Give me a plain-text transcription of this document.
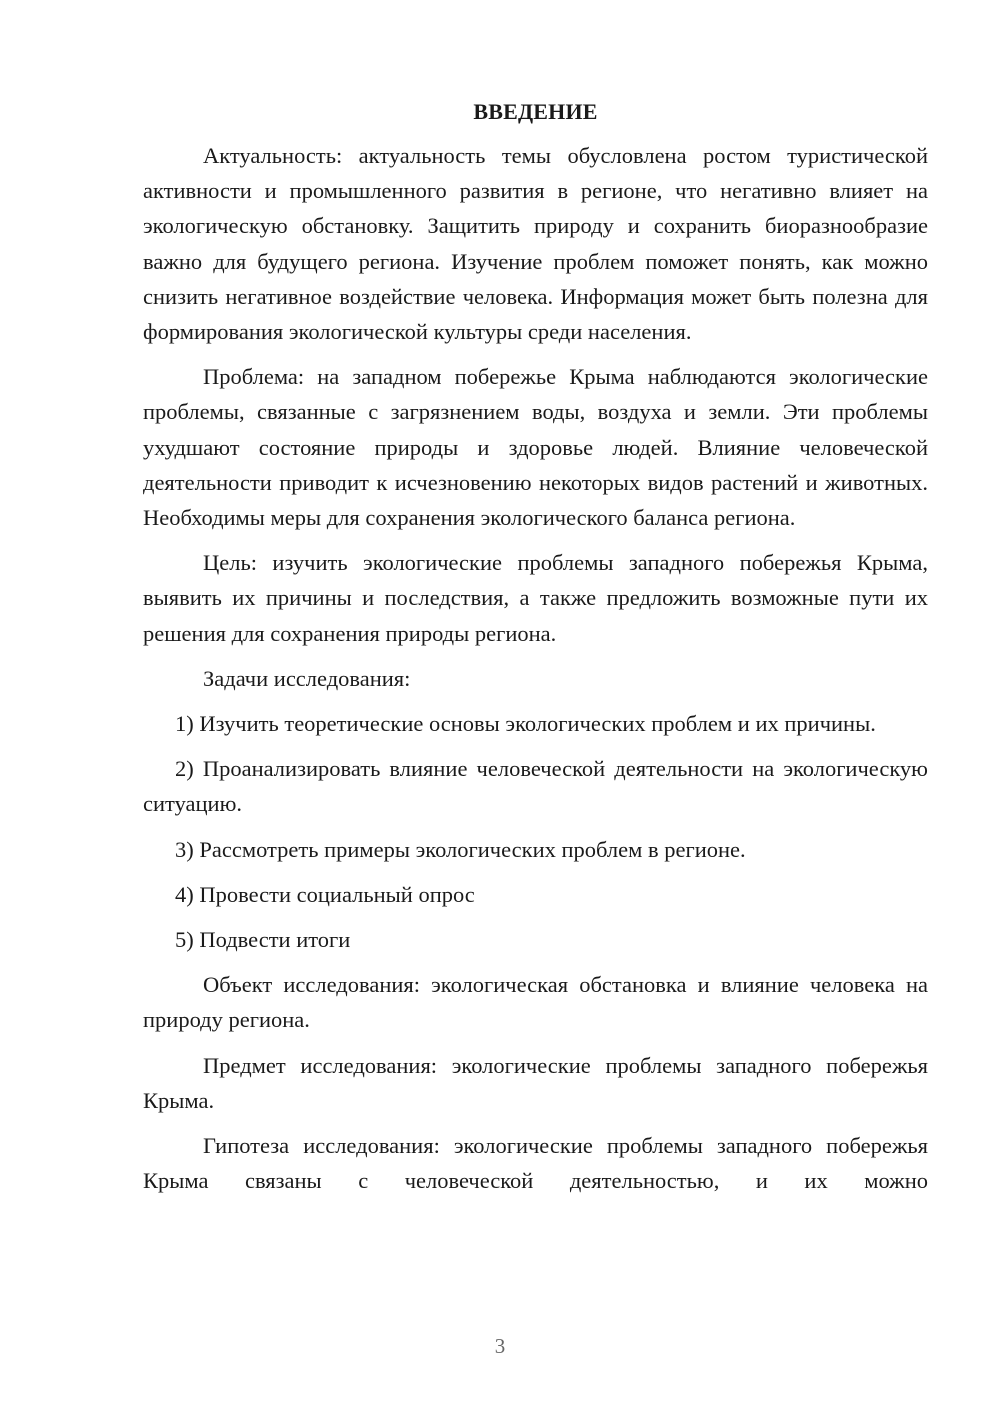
ВВЕДЕНИЕ

Актуальность: актуальность темы обусловлена ростом туристической активности и промышленного развития в регионе, что негативно влияет на экологическую обстановку. Защитить природу и сохранить биоразнообразие важно для будущего региона. Изучение проблем поможет понять, как можно снизить негативное воздействие человека. Информация может быть полезна для формирования экологической культуры среди населения.

Проблема: на западном побережье Крыма наблюдаются экологические проблемы, связанные с загрязнением воды, воздуха и земли. Эти проблемы ухудшают состояние природы и здоровье людей. Влияние человеческой деятельности приводит к исчезновению некоторых видов растений и животных. Необходимы меры для сохранения экологического баланса региона.

Цель: изучить экологические проблемы западного побережья Крыма, выявить их причины и последствия, а также предложить возможные пути их решения для сохранения природы региона.

Задачи исследования:

1) Изучить теоретические основы экологических проблем и их причины.

2) Проанализировать влияние человеческой деятельности на экологическую ситуацию.

3) Рассмотреть примеры экологических проблем в регионе.

4) Провести социальный опрос

5) Подвести итоги

Объект исследования: экологическая обстановка и влияние человека на природу региона.

Предмет исследования: экологические проблемы западного побережья Крыма.

Гипотеза исследования: экологические проблемы западного побережья Крыма связаны с человеческой деятельностью, и их можно

3
